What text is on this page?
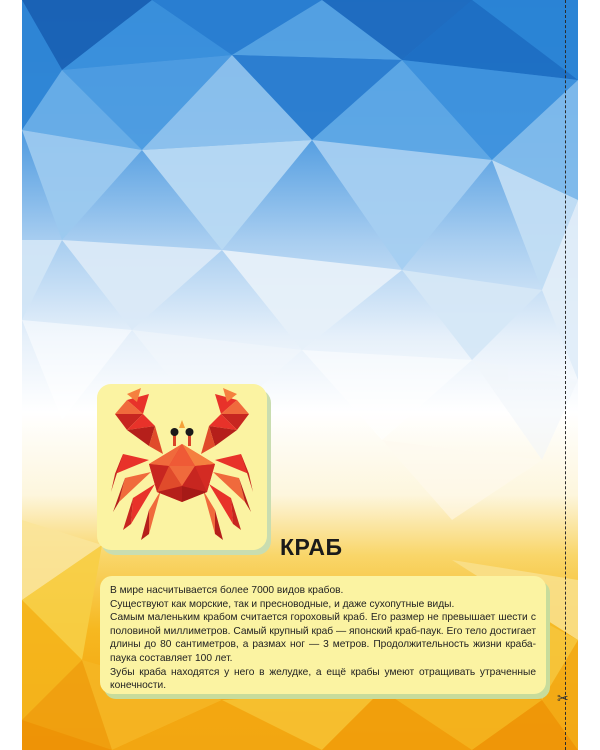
✂
КРАБ

В мире насчитывается более 7000 видов крабов.

Существуют как морские, так и пресноводные, и даже сухопутные виды.

Самым маленьким крабом считается гороховый краб. Его размер не превышает шести с половиной миллиметров. Самый крупный краб — японский краб-паук. Его тело достигает длины до 80 сантиметров, а размах ног — 3 метров. Продолжительность жизни краба-паука составляет 100 лет.

Зубы краба находятся у него в желудке, а ещё крабы умеют отращивать утраченные конечности.
